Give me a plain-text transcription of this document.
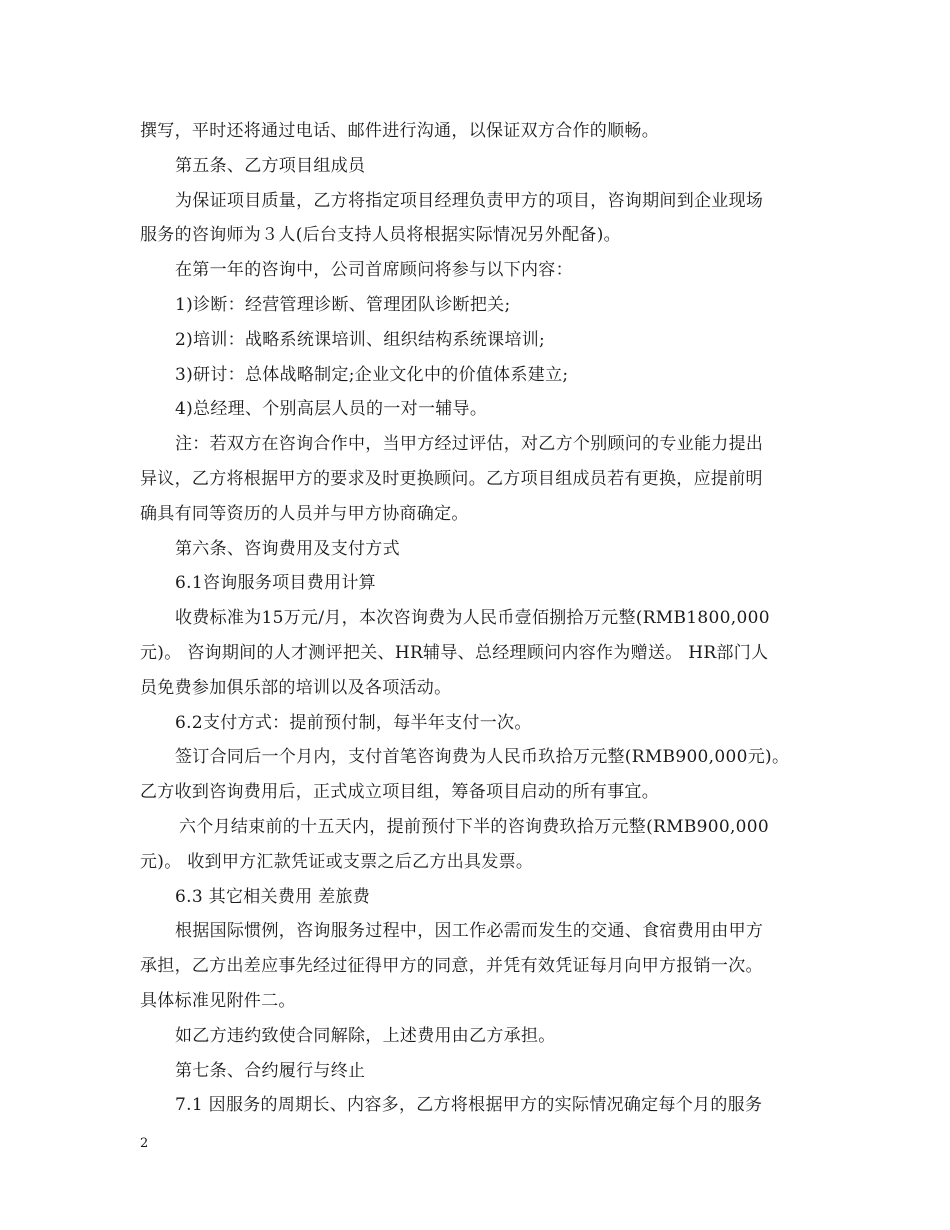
撰写，平时还将通过电话、邮件进行沟通，以保证双方合作的顺畅。
第五条、乙方项目组成员
为保证项目质量，乙方将指定项目经理负责甲方的项目，咨询期间到企业现场
服务的咨询师为３人(后台支持人员将根据实际情况另外配备)。
在第一年的咨询中，公司首席顾问将参与以下内容：
1)诊断：经营管理诊断、管理团队诊断把关;
2)培训：战略系统课培训、组织结构系统课培训;
3)研讨：总体战略制定;企业文化中的价值体系建立;
4)总经理、个别高层人员的一对一辅导。
注：若双方在咨询合作中，当甲方经过评估，对乙方个别顾问的专业能力提出
异议，乙方将根据甲方的要求及时更换顾问。乙方项目组成员若有更换，应提前明
确具有同等资历的人员并与甲方协商确定。
第六条、咨询费用及支付方式
6.1咨询服务项目费用计算
收费标准为15万元/月，本次咨询费为人民币壹佰捌拾万元整(RMB1800,000
元)。 咨询期间的人才测评把关、HR辅导、总经理顾问内容作为赠送。 HR部门人
员免费参加俱乐部的培训以及各项活动。
6.2支付方式：提前预付制，每半年支付一次。
签订合同后一个月内，支付首笔咨询费为人民币玖拾万元整(RMB900,000元)。
乙方收到咨询费用后，正式成立项目组，筹备项目启动的所有事宜。
六个月结束前的十五天内，提前预付下半的咨询费玖拾万元整(RMB900,000
元)。 收到甲方汇款凭证或支票之后乙方出具发票。
6.3 其它相关费用 差旅费
根据国际惯例，咨询服务过程中，因工作必需而发生的交通、食宿费用由甲方
承担，乙方出差应事先经过征得甲方的同意，并凭有效凭证每月向甲方报销一次。
具体标准见附件二。
如乙方违约致使合同解除，上述费用由乙方承担。
第七条、合约履行与终止
7.1 因服务的周期长、内容多，乙方将根据甲方的实际情况确定每个月的服务
2
